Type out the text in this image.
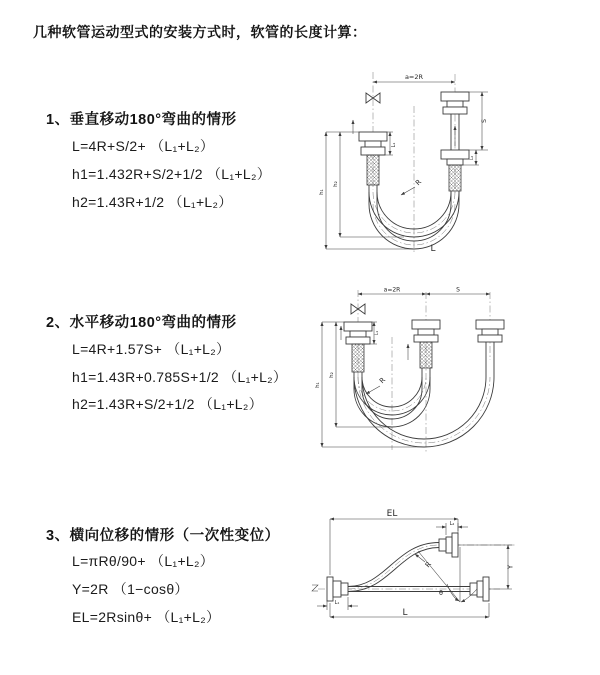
几种软管运动型式的安装方式时，软管的长度计算：
1、垂直移动180°弯曲的情形
L=4R+S/2+ （L₁+L₂）
h1=1.432R+S/2+1/2 （L₁+L₂）
h2=1.43R+1/2 （L₁+L₂）
2、水平移动180°弯曲的情形
L=4R+1.57S+ （L₁+L₂）
h1=1.43R+0.785S+1/2 （L₁+L₂）
h2=1.43R+S/2+1/2 （L₁+L₂）
3、横向位移的情形（一次性变位）
L=πRθ/90+ （L₁+L₂）
Y=2R （1−cosθ）
EL=2Rsinθ+ （L₁+L₂）
a=2R
L₁
S
L₂
h₁
h₂	R
L
a=2R	S
L₁
h₁
h₂
R
EL
L₂
Y
L
L₁
θ
R
